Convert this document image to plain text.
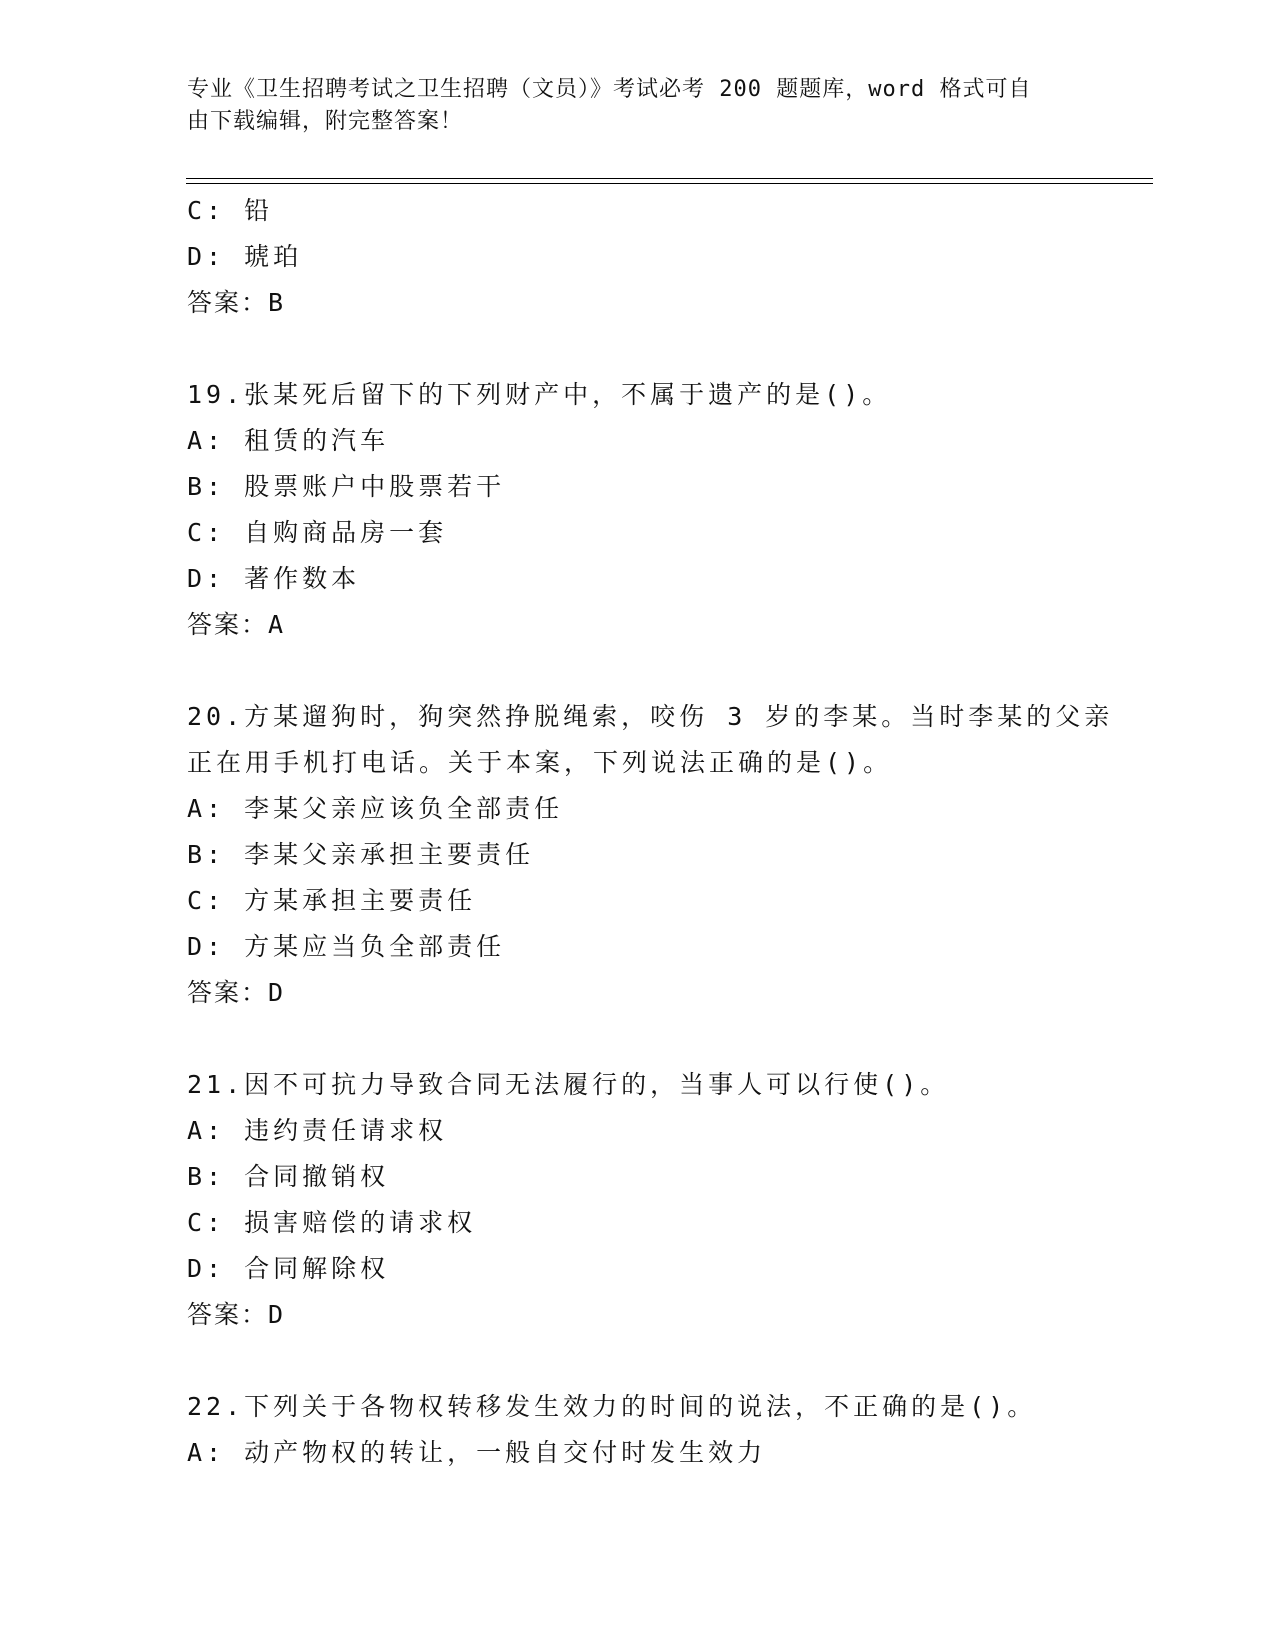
专业《卫生招聘考试之卫生招聘（文员）》考试必考 200 题题库，word 格式可自
由下载编辑，附完整答案！
C: 铅
D: 琥珀
答案：B
19.张某死后留下的下列财产中，不属于遗产的是()。
A: 租赁的汽车
B: 股票账户中股票若干
C: 自购商品房一套
D: 著作数本
答案：A
20.方某遛狗时，狗突然挣脱绳索，咬伤 3 岁的李某。当时李某的父亲
正在用手机打电话。关于本案，下列说法正确的是()。
A: 李某父亲应该负全部责任
B: 李某父亲承担主要责任
C: 方某承担主要责任
D: 方某应当负全部责任
答案：D
21.因不可抗力导致合同无法履行的，当事人可以行使()。
A: 违约责任请求权
B: 合同撤销权
C: 损害赔偿的请求权
D: 合同解除权
答案：D
22.下列关于各物权转移发生效力的时间的说法，不正确的是()。
A: 动产物权的转让，一般自交付时发生效力
